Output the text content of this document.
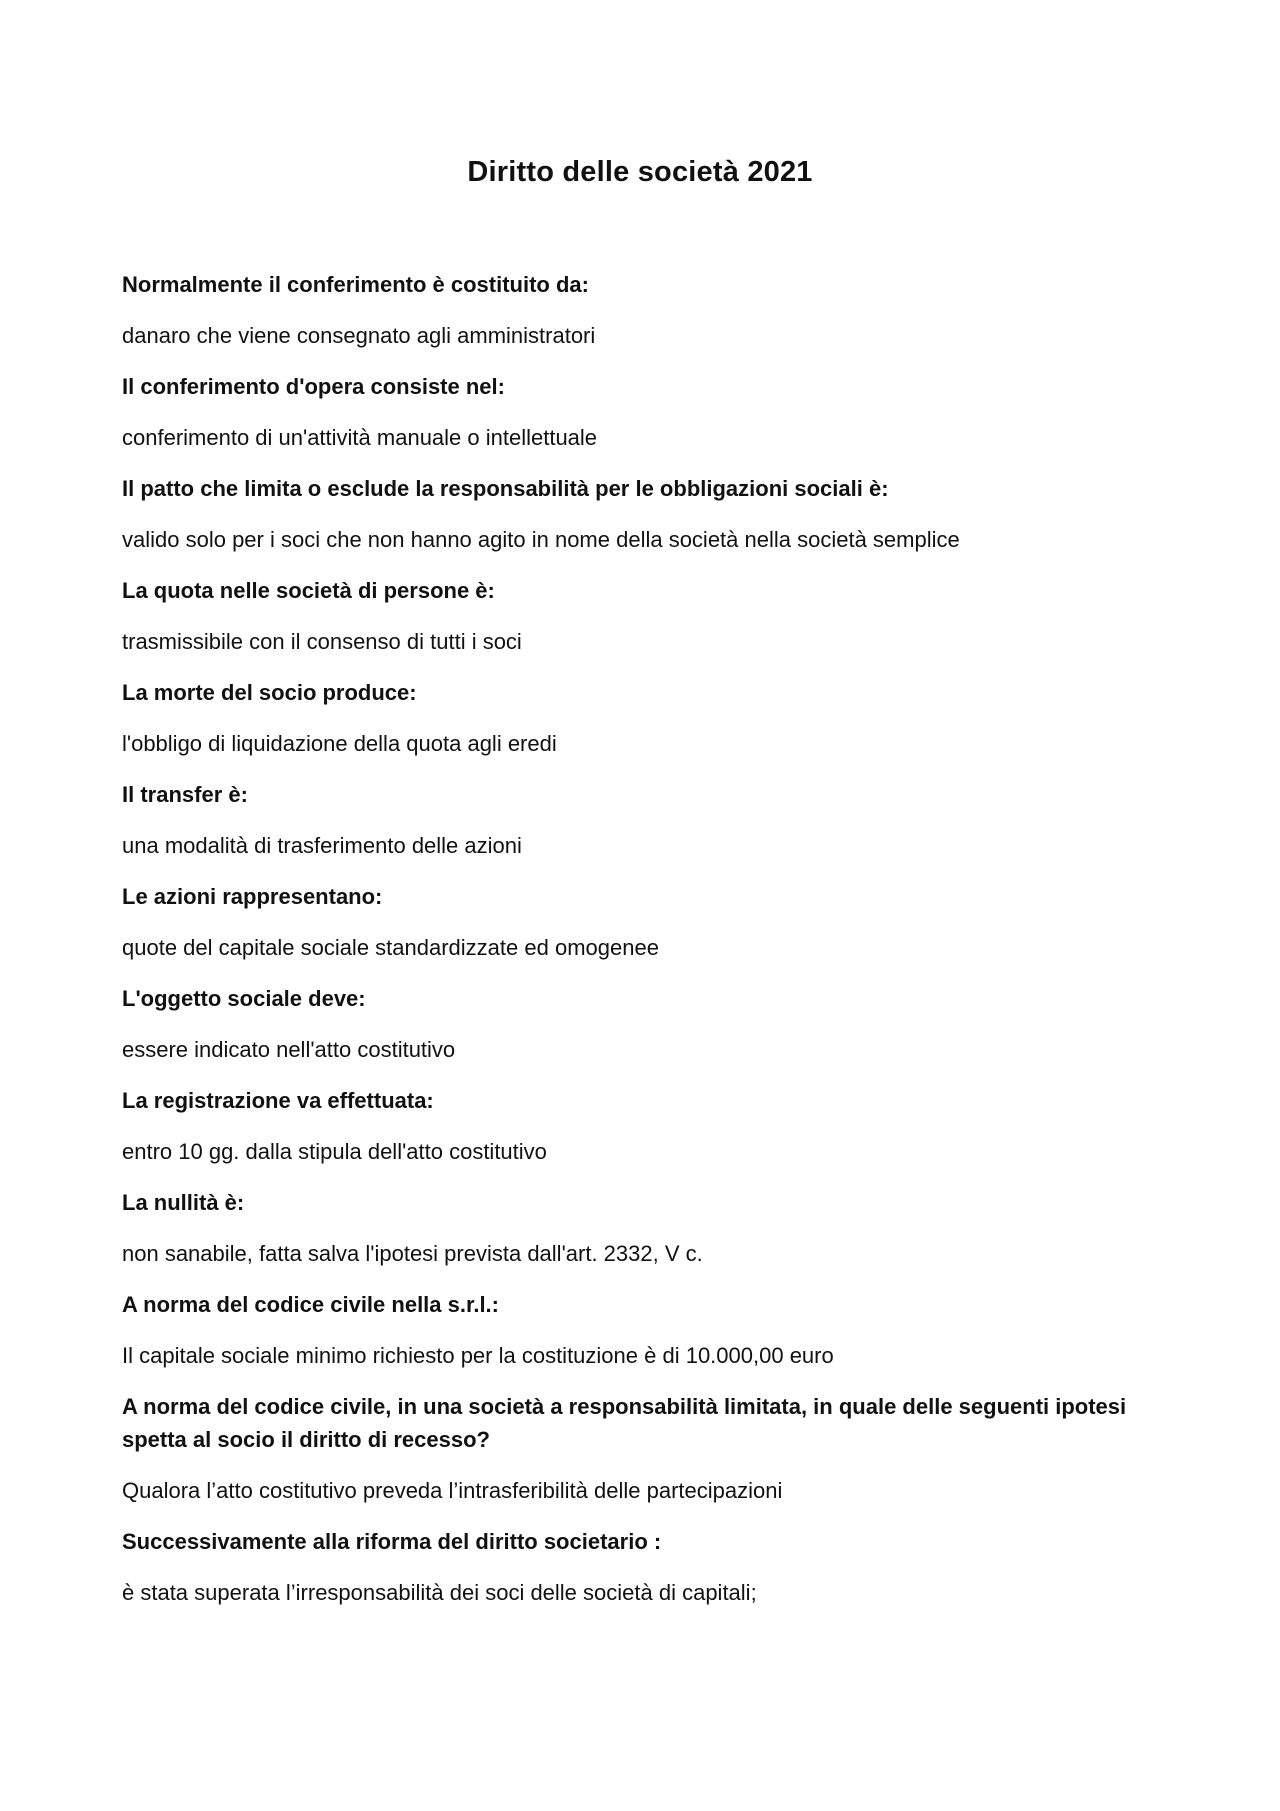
Diritto delle società 2021

Normalmente il conferimento è costituito da:

danaro che viene consegnato agli amministratori

Il conferimento d'opera consiste nel:

conferimento di un'attività manuale o intellettuale

Il patto che limita o esclude la responsabilità per le obbligazioni sociali è:

valido solo per i soci che non hanno agito in nome della società nella società semplice

La quota nelle società di persone è:

trasmissibile con il consenso di tutti i soci

La morte del socio produce:

l'obbligo di liquidazione della quota agli eredi

Il transfer è:

una modalità di trasferimento delle azioni

Le azioni rappresentano:

quote del capitale sociale standardizzate ed omogenee

L'oggetto sociale deve:

essere indicato nell'atto costitutivo

La registrazione va effettuata:

entro 10 gg. dalla stipula dell'atto costitutivo

La nullità è:

non sanabile, fatta salva l'ipotesi prevista dall'art. 2332, V c.

A norma del codice civile nella s.r.l.:

Il capitale sociale minimo richiesto per la costituzione è di 10.000,00 euro

A norma del codice civile, in una società a responsabilità limitata, in quale delle seguenti ipotesi spetta al socio il diritto di recesso?

Qualora l’atto costitutivo preveda l’intrasferibilità delle partecipazioni

Successivamente alla riforma del diritto societario :

è stata superata l’irresponsabilità dei soci delle società di capitali;
